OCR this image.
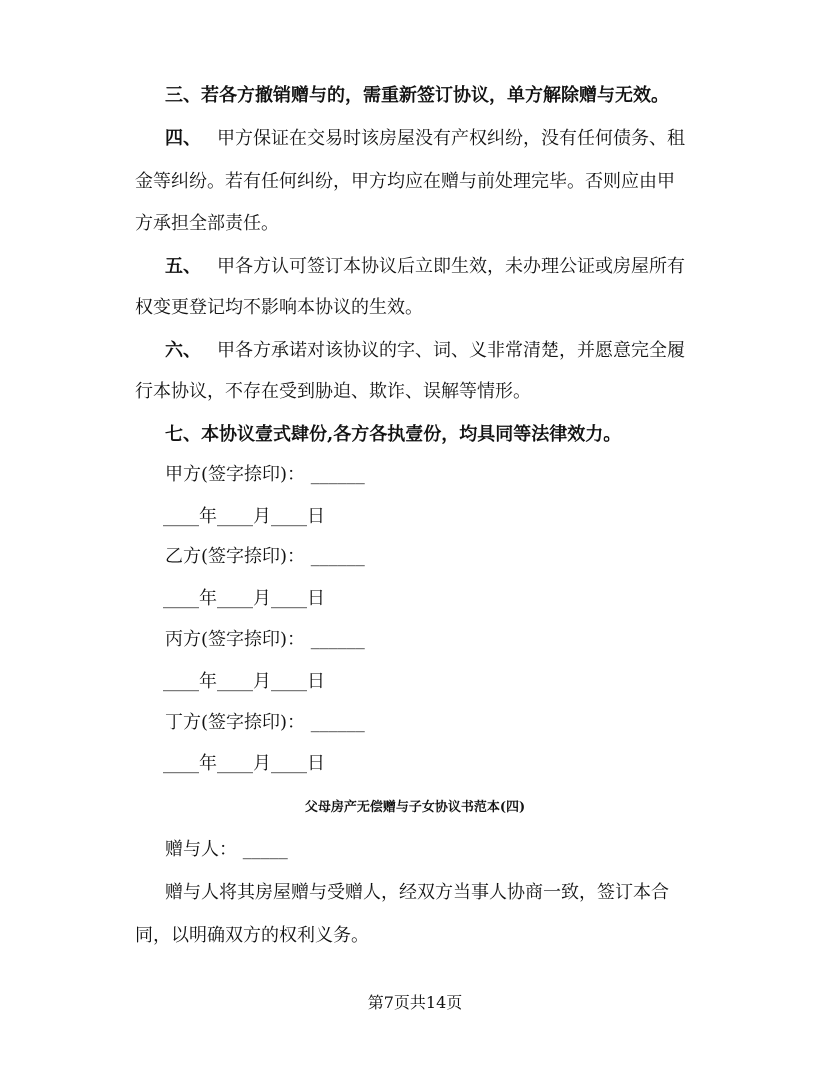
三、若各方撤销赠与的，需重新签订协议，单方解除赠与无效。
四、 甲方保证在交易时该房屋没有产权纠纷，没有任何债务、租
金等纠纷。若有任何纠纷，甲方均应在赠与前处理完毕。否则应由甲
方承担全部责任。
五、 甲各方认可签订本协议后立即生效，未办理公证或房屋所有
权变更登记均不影响本协议的生效。
六、 甲各方承诺对该协议的字、词、义非常清楚，并愿意完全履
行本协议，不存在受到胁迫、欺诈、误解等情形。
七、本协议壹式肆份,各方各执壹份，均具同等法律效力。
甲方(签字捺印)： ______
____年____月____日
乙方(签字捺印)： ______
____年____月____日
丙方(签字捺印)： ______
____年____月____日
丁方(签字捺印)： ______
____年____月____日
父母房产无偿赠与子女协议书范本(四)
赠与人： _____
赠与人将其房屋赠与受赠人，经双方当事人协商一致，签订本合
同，以明确双方的权利义务。
第7页共14页
